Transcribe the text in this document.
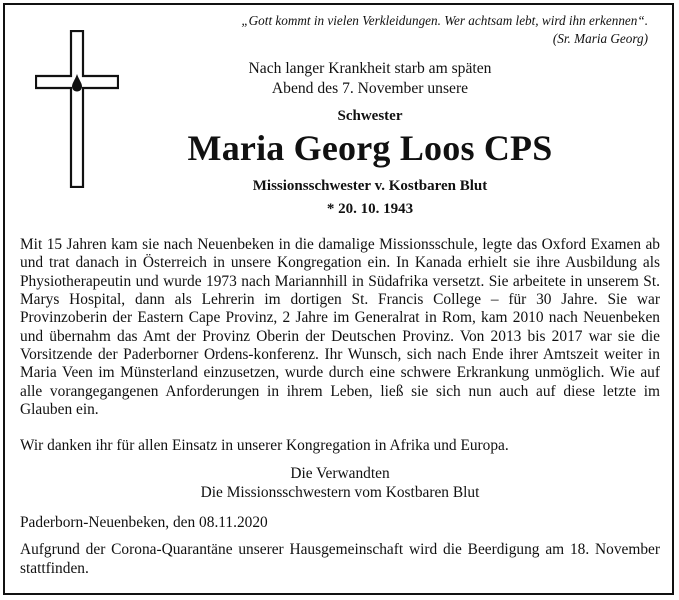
„Gott kommt in vielen Verkleidungen. Wer achtsam lebt, wird ihn erkennen“.
(Sr. Maria Georg)
Nach langer Krankheit starb am späten
Abend des 7. November unsere
Schwester
Maria Georg Loos CPS
Missionsschwester v. Kostbaren Blut
* 20. 10. 1943
Mit 15 Jahren kam sie nach Neuenbeken in die damalige Missionsschule, legte das Oxford Examen ab und trat danach in Österreich in unsere Kongregation ein. In Kanada erhielt sie ihre Ausbildung als Physiotherapeutin und wurde 1973 nach Mariannhill in Südafrika versetzt. Sie arbeitete in unserem St. Marys Hospital, dann als Lehrerin im dortigen St. Francis College – für 30 Jahre. Sie war Provinzoberin der Eastern Cape Provinz, 2 Jahre im Generalrat in Rom, kam 2010 nach Neuenbeken und übernahm das Amt der Provinz Oberin der Deutschen Provinz. Von 2013 bis 2017 war sie die Vorsitzende der Paderborner Ordens-konferenz. Ihr Wunsch, sich nach Ende ihrer Amtszeit weiter in Maria Veen im Münsterland einzusetzen, wurde durch eine schwere Erkrankung unmöglich. Wie auf alle vorangegangenen Anforderungen in ihrem Leben, ließ sie sich nun auch auf diese letzte im Glauben ein.
Wir danken ihr für allen Einsatz in unserer Kongregation in Afrika und Europa.
Die Verwandten
Die Missionsschwestern vom Kostbaren Blut
Paderborn-Neuenbeken, den 08.11.2020
Aufgrund der Corona-Quarantäne unserer Hausgemeinschaft wird die Beerdigung am 18. November stattfinden.
